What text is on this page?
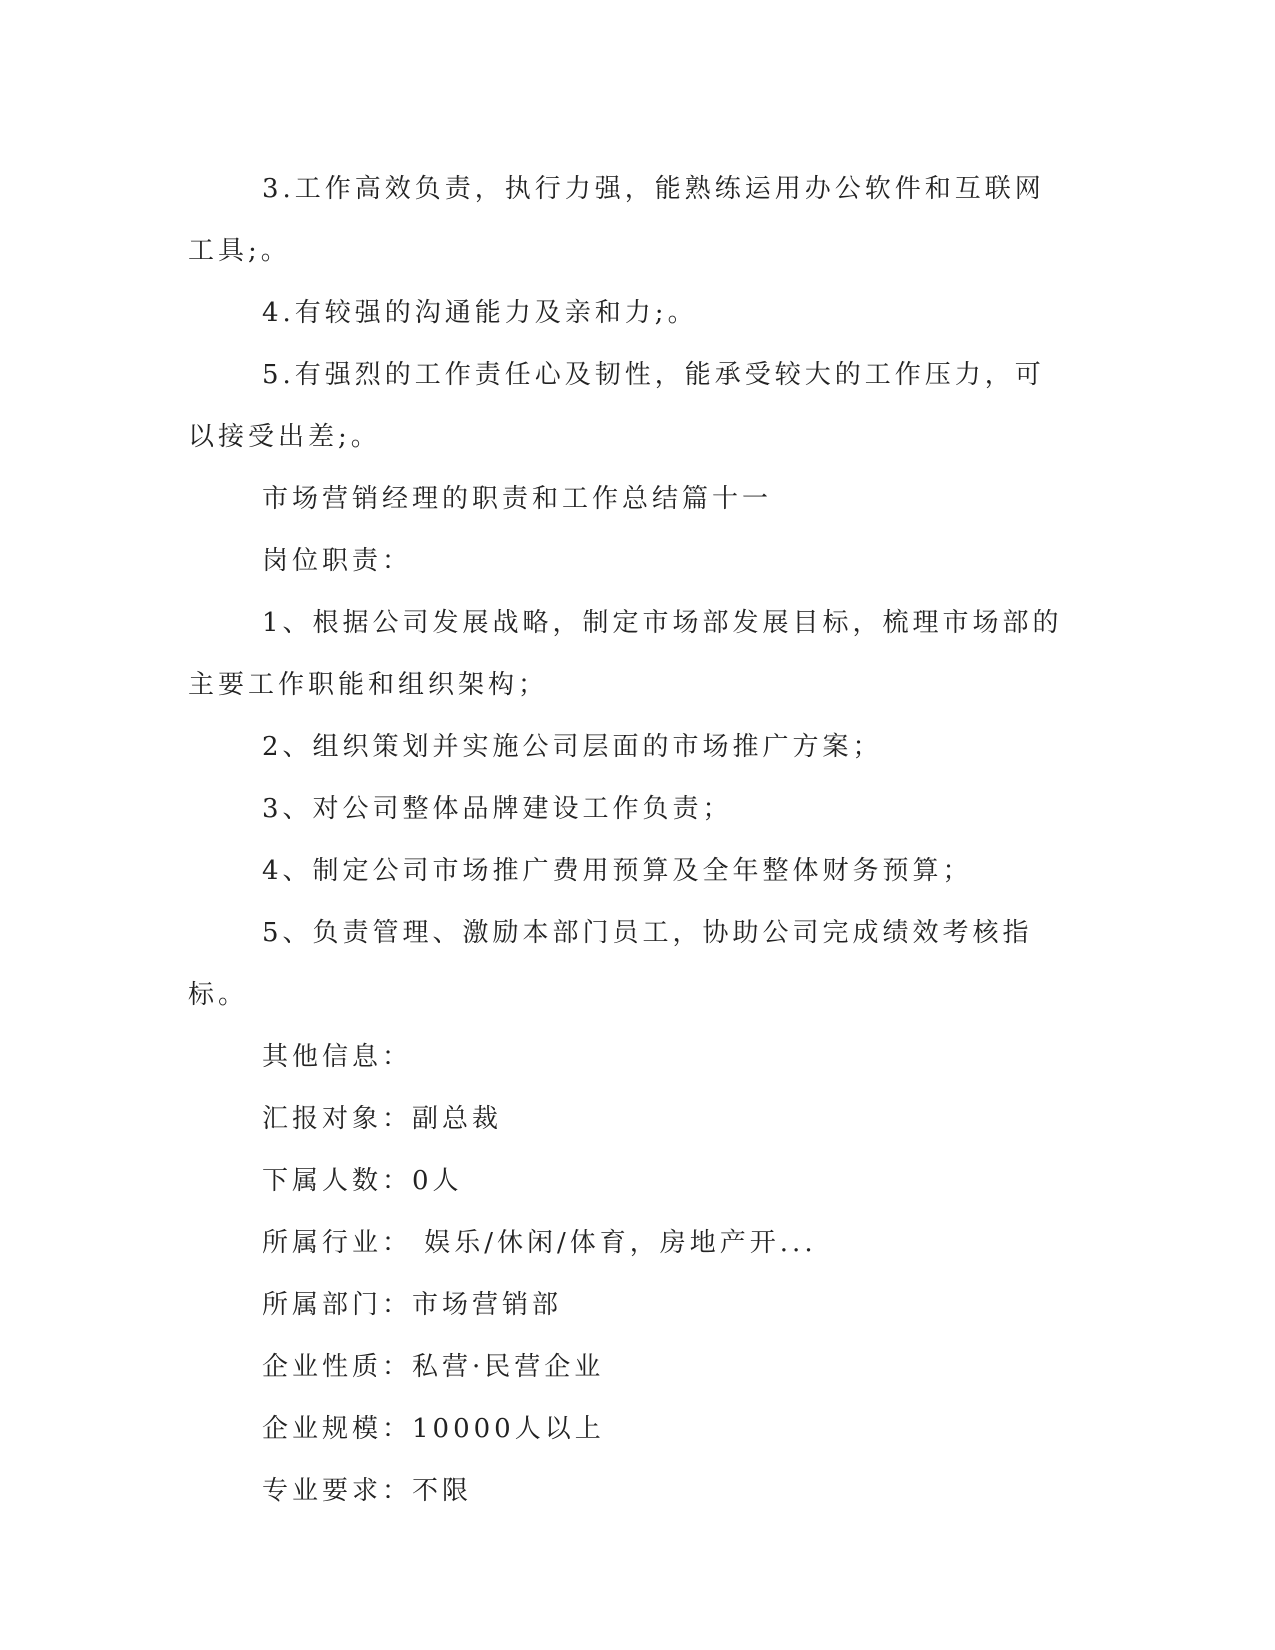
3.工作高效负责，执行力强，能熟练运用办公软件和互联网工具;。

4.有较强的沟通能力及亲和力;。

5.有强烈的工作责任心及韧性，能承受较大的工作压力，可以接受出差;。

市场营销经理的职责和工作总结篇十一

岗位职责：

1、根据公司发展战略，制定市场部发展目标，梳理市场部的主要工作职能和组织架构；

2、组织策划并实施公司层面的市场推广方案；

3、对公司整体品牌建设工作负责；

4、制定公司市场推广费用预算及全年整体财务预算；

5、负责管理、激励本部门员工，协助公司完成绩效考核指标。

其他信息：

汇报对象：副总裁

下属人数：0人

所属行业： 娱乐/休闲/体育，房地产开...

所属部门：市场营销部

企业性质：私营·民营企业

企业规模：10000人以上

专业要求：不限
